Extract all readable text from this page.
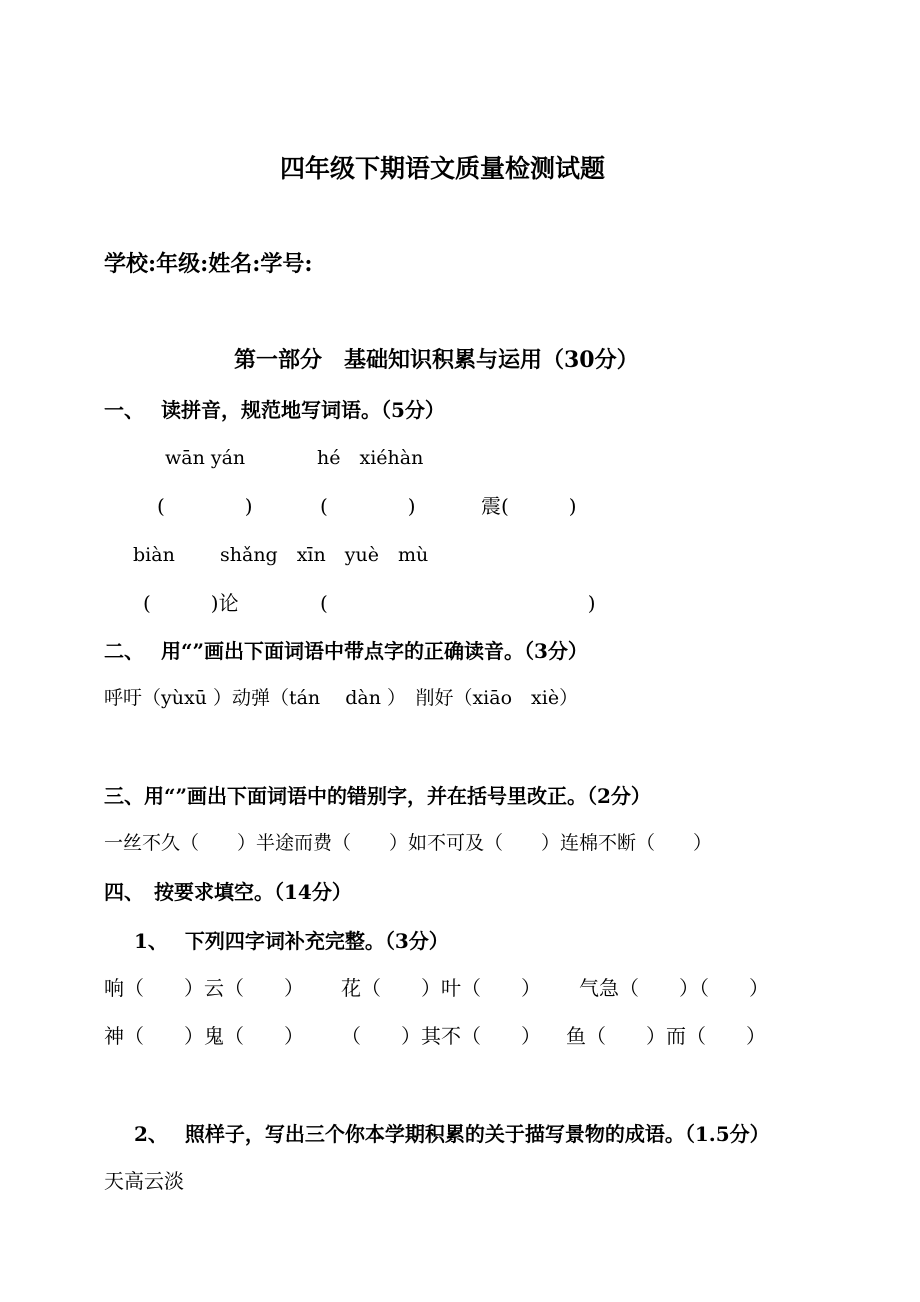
四年级下期语文质量检测试题
学校:年级:姓名:学号:
第一部分　基础知识积累与运用（30分）
一、　 读拼音，规范地写词语。（5分）
wān yán	hé　xiéhàn
(　　　　)	(　　　　)	震(　　　)
biàn shǎng　xīn　yuè　mù
(　　　)论	(　　　　　　　　　　　　　)
二、　 用“”画出下面词语中带点字的正确读音。（3分）
呼吁（yùxū ）动弹（tán　 dàn ）　削好（xiāo　xiè）
三、用“”画出下面词语中的错别字，并在括号里改正。（2分）
一丝不久（　　）半途而费（　　）如不可及（　　）连棉不断（　　）
四、　按要求填空。（14分）
1、　 下列四字词补充完整。（3分）
响（　　）云（　　） 花（　　）叶（　　） 气急（　　）（　　）
神（　　）鬼（　　） （　　）其不（　　） 鱼（　　）而（　　）
2、　 照样子，写出三个你本学期积累的关于描写景物的成语。（1.5分）
天高云淡
